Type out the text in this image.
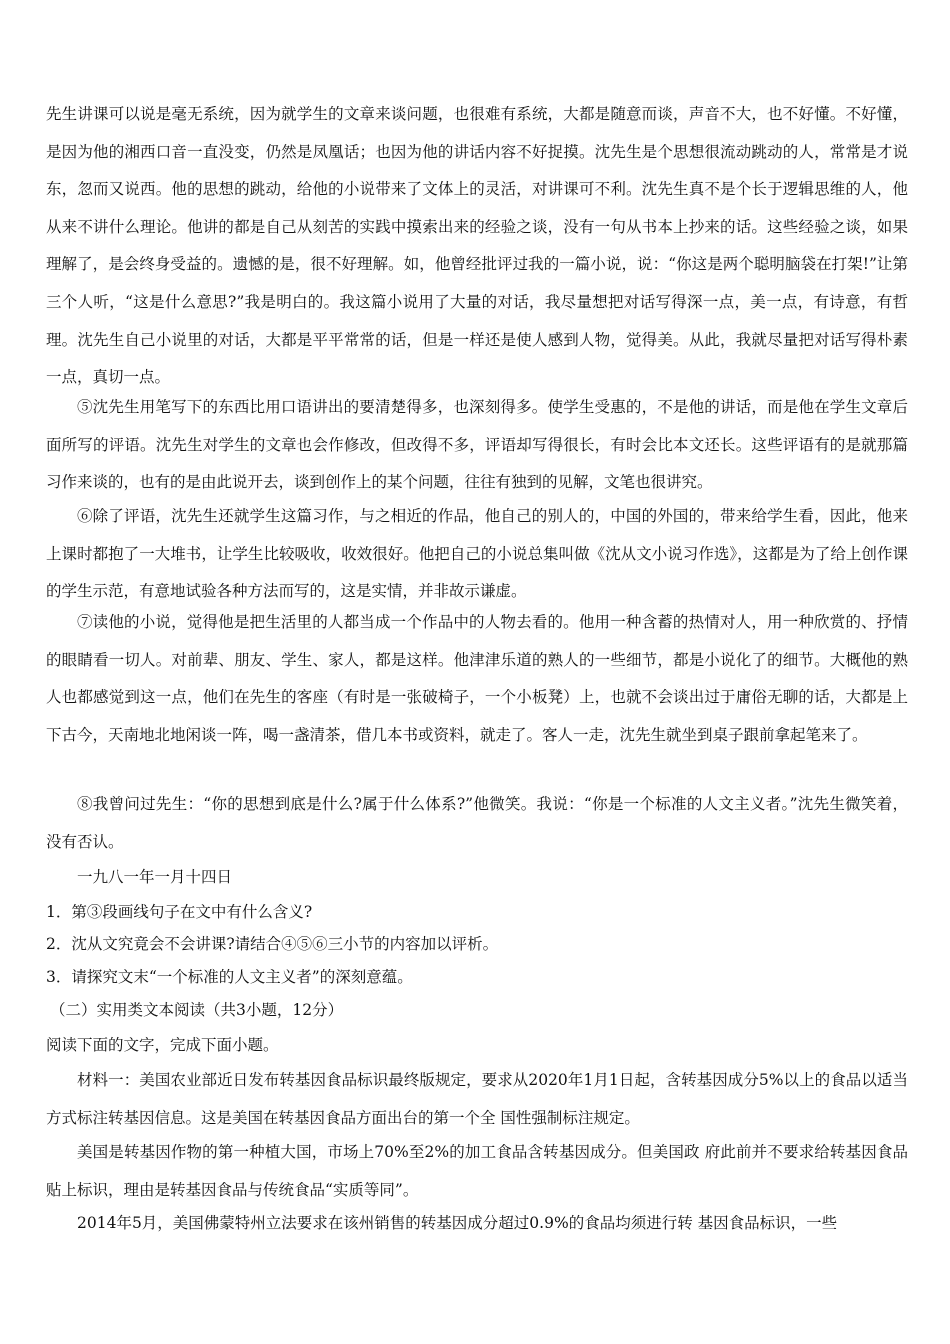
先生讲课可以说是毫无系统，因为就学生的文章来谈问题，也很难有系统，大都是随意而谈，声音不大，也不好懂。不好懂，是因为他的湘西口音一直没变，仍然是凤凰话；也因为他的讲话内容不好捉摸。沈先生是个思想很流动跳动的人，常常是才说东，忽而又说西。他的思想的跳动，给他的小说带来了文体上的灵活，对讲课可不利。沈先生真不是个长于逻辑思维的人，他从来不讲什么理论。他讲的都是自己从刻苦的实践中摸索出来的经验之谈，没有一句从书本上抄来的话。这些经验之谈，如果理解了，是会终身受益的。遗憾的是，很不好理解。如，他曾经批评过我的一篇小说，说：“你这是两个聪明脑袋在打架!”让第三个人听，“这是什么意思?”我是明白的。我这篇小说用了大量的对话，我尽量想把对话写得深一点，美一点，有诗意，有哲理。沈先生自己小说里的对话，大都是平平常常的话，但是一样还是使人感到人物，觉得美。从此，我就尽量把对话写得朴素一点，真切一点。

⑤沈先生用笔写下的东西比用口语讲出的要清楚得多，也深刻得多。使学生受惠的，不是他的讲话，而是他在学生文章后面所写的评语。沈先生对学生的文章也会作修改，但改得不多，评语却写得很长，有时会比本文还长。这些评语有的是就那篇习作来谈的，也有的是由此说开去，谈到创作上的某个问题，往往有独到的见解，文笔也很讲究。

⑥除了评语，沈先生还就学生这篇习作，与之相近的作品，他自己的别人的，中国的外国的，带来给学生看，因此，他来上课时都抱了一大堆书，让学生比较吸收，收效很好。他把自己的小说总集叫做《沈从文小说习作选》，这都是为了给上创作课的学生示范，有意地试验各种方法而写的，这是实情，并非故示谦虚。

⑦读他的小说，觉得他是把生活里的人都当成一个作品中的人物去看的。他用一种含蓄的热情对人，用一种欣赏的、抒情的眼睛看一切人。对前辈、朋友、学生、家人，都是这样。他津津乐道的熟人的一些细节，都是小说化了的细节。大概他的熟人也都感觉到这一点，他们在先生的客座（有时是一张破椅子，一个小板凳）上，也就不会谈出过于庸俗无聊的话，大都是上下古今，天南地北地闲谈一阵，喝一盏清茶，借几本书或资料，就走了。客人一走，沈先生就坐到桌子跟前拿起笔来了。

⑧我曾问过先生：“你的思想到底是什么?属于什么体系?”他微笑。我说：“你是一个标准的人文主义者。”沈先生微笑着，没有否认。

一九八一年一月十四日

1．第③段画线句子在文中有什么含义?

2．沈从文究竟会不会讲课?请结合④⑤⑥三小节的内容加以评析。

3．请探究文末“一个标准的人文主义者”的深刻意蕴。

（二）实用类文本阅读（共3小题，12分）

阅读下面的文字，完成下面小题。

材料一：美国农业部近日发布转基因食品标识最终版规定，要求从2020年1月1日起，含转基因成分5%以上的食品以适当方式标注转基因信息。这是美国在转基因食品方面出台的第一个全 国性强制标注规定。

美国是转基因作物的第一种植大国，市场上70%至2%的加工食品含转基因成分。但美国政 府此前并不要求给转基因食品贴上标识，理由是转基因食品与传统食品“实质等同”。

2014年5月，美国佛蒙特州立法要求在该州销售的转基因成分超过0.9%的食品均须进行转 基因食品标识，一些
